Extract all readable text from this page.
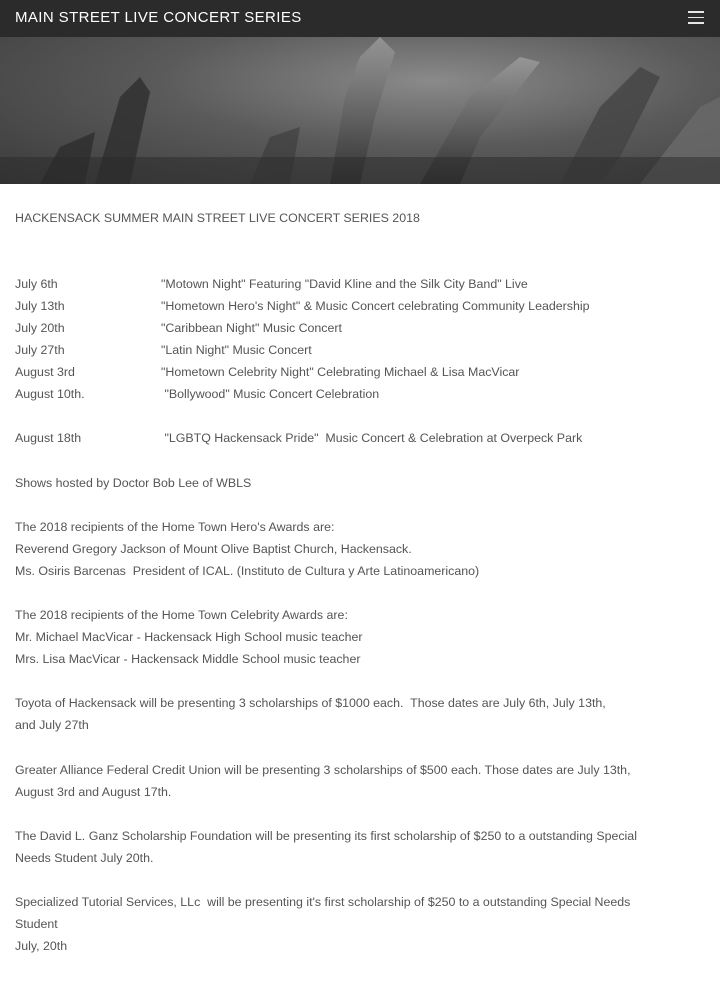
MAIN STREET LIVE CONCERT SERIES
HACKENSACK SUMMER MAIN STREET LIVE CONCERT SERIES 2018
July 6th	"Motown Night" Featuring "David Kline and the Silk City Band" Live
July 13th	"Hometown Hero's Night" & Music Concert celebrating Community Leadership
July 20th	"Caribbean Night" Music Concert
July 27th	"Latin Night" Music Concert
August 3rd	"Hometown Celebrity Night" Celebrating Michael & Lisa MacVicar
August 10th.	"Bollywood" Music Concert Celebration
August 18th	"LGBTQ Hackensack Pride"  Music Concert & Celebration at Overpeck Park
Shows hosted by Doctor Bob Lee of WBLS
The 2018 recipients of the Home Town Hero's Awards are:
Reverend Gregory Jackson of Mount Olive Baptist Church, Hackensack.
Ms. Osiris Barcenas  President of ICAL. (Instituto de Cultura y Arte Latinoamericano)
The 2018 recipients of the Home Town Celebrity Awards are:
Mr. Michael MacVicar - Hackensack High School music teacher
Mrs. Lisa MacVicar - Hackensack Middle School music teacher
Toyota of Hackensack will be presenting 3 scholarships of $1000 each.  Those dates are July 6th, July 13th,
and July 27th
Greater Alliance Federal Credit Union will be presenting 3 scholarships of $500 each. Those dates are July 13th,
August 3rd and August 17th.
The David L. Ganz Scholarship Foundation will be presenting its first scholarship of $250 to a outstanding Special
Needs Student July 20th.
Specialized Tutorial Services, LLc  will be presenting it's first scholarship of $250 to a outstanding Special Needs
Student
July, 20th
